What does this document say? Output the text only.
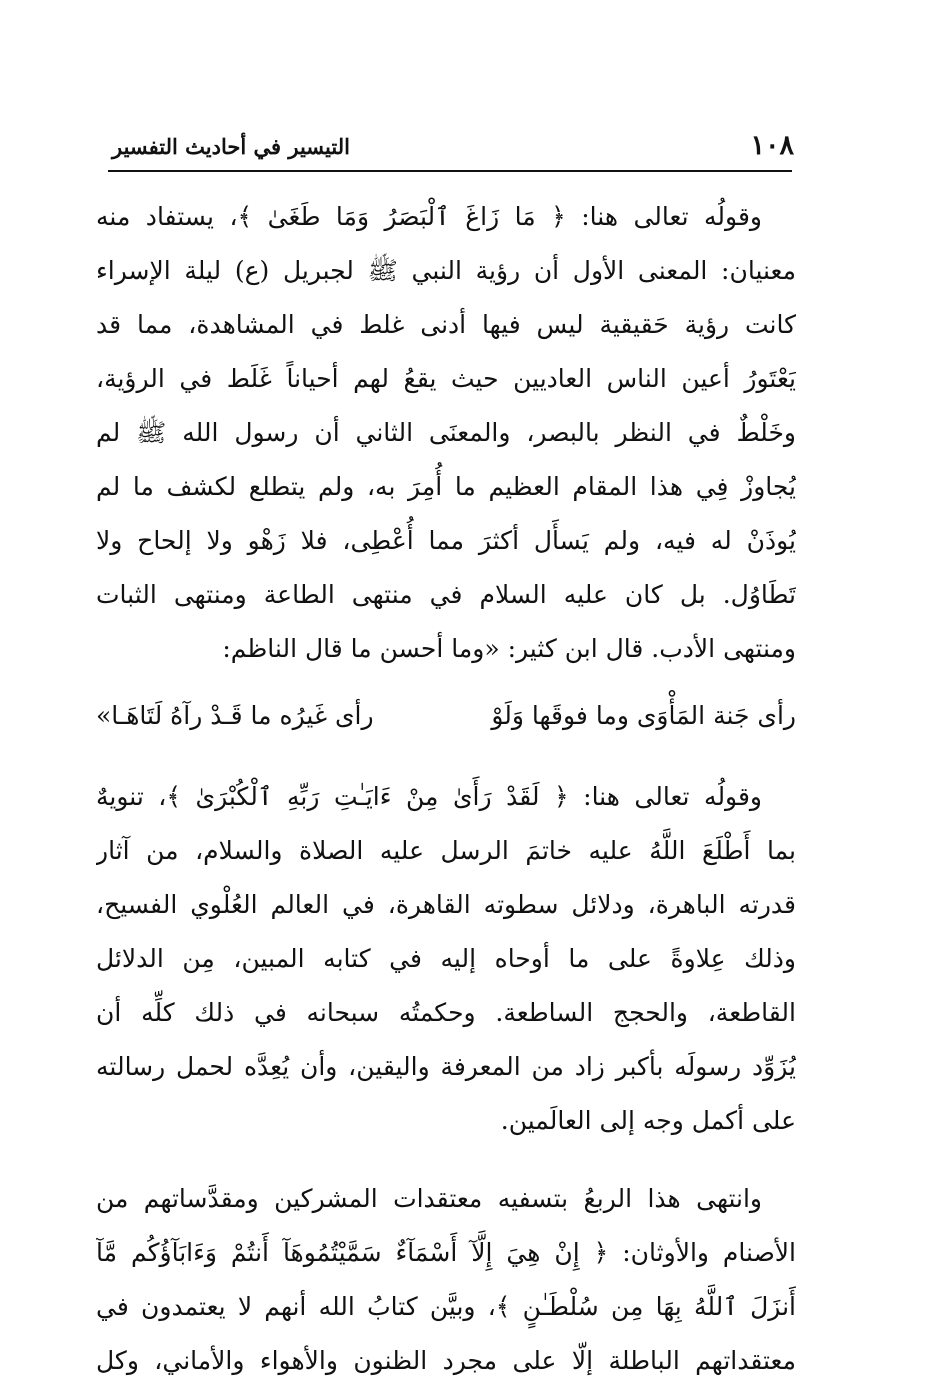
١٠٨
التيسير في أحاديث التفسير
وقولُه تعالى هنا: ﴿ مَا زَاغَ ٱلْبَصَرُ وَمَا طَغَىٰ ﴾، يستفاد منه
معنيان: المعنى الأول أن رؤية النبي ﷺ لجبريل (ع) ليلة الإسراء
كانت رؤية حَقيقية ليس فيها أدنى غلط في المشاهدة، مما قد
يَعْتَورُ أعين الناس العاديين حيث يقعُ لهم أحياناً غَلَط في الرؤية،
وخَلْطٌ في النظر بالبصر، والمعنَى الثاني أن رسول الله ﷺ لم
يُجاوزْ فِي هذا المقام العظيم ما أُمِرَ به، ولم يتطلع لكشف ما لم
يُوذَنْ له فيه، ولم يَسأَل أكثرَ مما أُعْطِى، فلا زَهْو ولا إلحاح ولا
تَطَاوُل. بل كان عليه السلام في منتهى الطاعة ومنتهى الثبات
ومنتهى الأدب. قال ابن كثير: «وما أحسن ما قال الناظم:
رأى جَنة المَأْوَى وما فوقَها وَلَوْ
رأى غَيرُه ما قَـدْ رآهُ لَتَاهَـا»
وقولُه تعالى هنا: ﴿ لَقَدْ رَأَىٰ مِنْ ءَايَـٰتِ رَبِّهِ ٱلْكُبْرَىٰ ﴾، تنويهٌ
بما أَطْلَعَ اللَّهُ عليه خاتمَ الرسل عليه الصلاة والسلام، من آثار
قدرته الباهرة، ودلائل سطوته القاهرة، في العالم العُلْوي الفسيح،
وذلك عِلاوةً على ما أوحاه إليه في كتابه المبين، مِن الدلائل
القاطعة، والحجج الساطعة. وحكمتُه سبحانه في ذلك كلِّه أن
يُزَوِّد رسولَه بأكبر زاد من المعرفة واليقين، وأن يُعِدَّه لحمل رسالته
على أكمل وجه إلى العالَمين.
وانتهى هذا الربعُ بتسفيه معتقدات المشركين ومقدَّساتهم من
الأصنام والأوثان: ﴿ إِنْ هِيَ إِلَّآ أَسْمَآءٌ سَمَّيْتُمُوهَآ أَنتُمْ وَءَابَآؤُكُم مَّآ
أَنزَلَ ٱللَّهُ بِهَا مِن سُلْطَـٰنٍ ﴾، وبيَّن كتابُ الله أنهم لا يعتمدون في
معتقداتهم الباطلة إلّا على مجرد الظنون والأهواء والأماني، وكل
